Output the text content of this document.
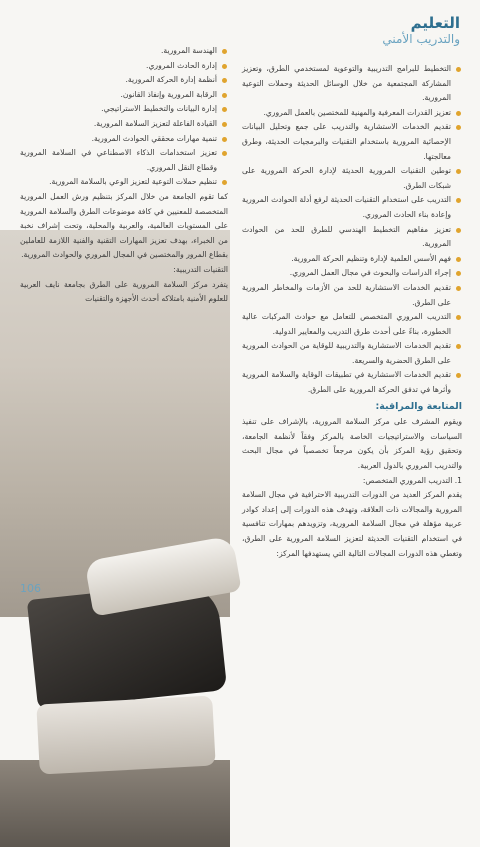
التعليم
والتدريب الأمني
التخطيط للبرامج التدريبية والتوعوية لمستخدمي الطرق، وتعزيز المشاركة المجتمعية من خلال الوسائل الحديثة وحملات التوعية المرورية.
تعزيز القدرات المعرفية والمهنية للمختصين بالعمل المروري.
تقديم الخدمات الاستشارية والتدريب على جمع وتحليل البيانات الإحصائية المرورية باستخدام التقنيات والبرمجيات الحديثة، وطرق معالجتها.
توطين التقنيات المرورية الحديثة لإدارة الحركة المرورية على شبكات الطرق.
التدريب على استخدام التقنيات الحديثة لرفع أدلة الحوادث المرورية وإعادة بناء الحادث المروري.
تعزيز مفاهيم التخطيط الهندسي للطرق للحد من الحوادث المرورية.
فهم الأسس العلمية لإدارة وتنظيم الحركة المرورية.
إجراء الدراسات والبحوث في مجال العمل المروري.
تقديم الخدمات الاستشارية للحد من الأزمات والمخاطر المرورية على الطرق.
التدريب المروري المتخصص للتعامل مع حوادث المركبات عالية الخطورة، بناءً على أحدث طرق التدريب والمعايير الدولية.
تقديم الخدمات الاستشارية والتدريبية للوقاية من الحوادث المرورية على الطرق الحضرية والسريعة.
تقديم الخدمات الاستشارية في تطبيقات الوقاية والسلامة المرورية وأثرها في تدفق الحركة المرورية على الطرق.
المتابعة والمراقبة:

ويقوم المشرف على مركز السلامة المرورية، بالإشراف على تنفيذ السياسات والاستراتيجيات الخاصة بالمركز وفقاً لأنظمة الجامعة، وتحقيق رؤية المركز بأن يكون مرجعاً تخصصياً في مجال البحث والتدريب المروري بالدول العربية.

1. التدريب المروري المتخصص:

يقدم المركز العديد من الدورات التدريبية الاحترافية في مجال السلامة المرورية والمجالات ذات العلاقة، وتهدف هذه الدورات إلى إعداد كوادر عربية مؤهلة في مجال السلامة المرورية، وتزويدهم بمهارات تنافسية في استخدام التقنيات الحديثة لتعزيز السلامة المرورية على الطرق، وتغطي هذه الدورات المجالات التالية التي يستهدفها المركز:

الهندسة المرورية.
إدارة الحادث المروري.
أنظمة إدارة الحركة المرورية.
الرقابة المرورية وإنفاذ القانون.
إدارة البيانات والتخطيط الاستراتيجي.
القيادة الفاعلة لتعزيز السلامة المرورية.
تنمية مهارات محققي الحوادث المرورية.
تعزيز استخدامات الذكاء الاصطناعي في السلامة المرورية وقطاع النقل المروري.
تنظيم حملات التوعية لتعزيز الوعي بالسلامة المرورية.

كما تقوم الجامعة من خلال المركز بتنظيم ورش العمل المرورية المتخصصة للمعنيين في كافة موضوعات الطرق والسلامة المرورية على المستويات العالمية، والعربية والمحلية، وتحت إشراف نخبة من الخبراء، بهدف تعزيز المهارات التقنية والفنية اللازمة للعاملين بقطاع المرور والمختصين في المجال المروري والحوادث المرورية.

التقنيات التدريبية:

يتفرد مركز السلامة المرورية على الطرق بجامعة نايف العربية للعلوم الأمنية بامتلاكه أحدث الأجهزة والتقنيات

106
